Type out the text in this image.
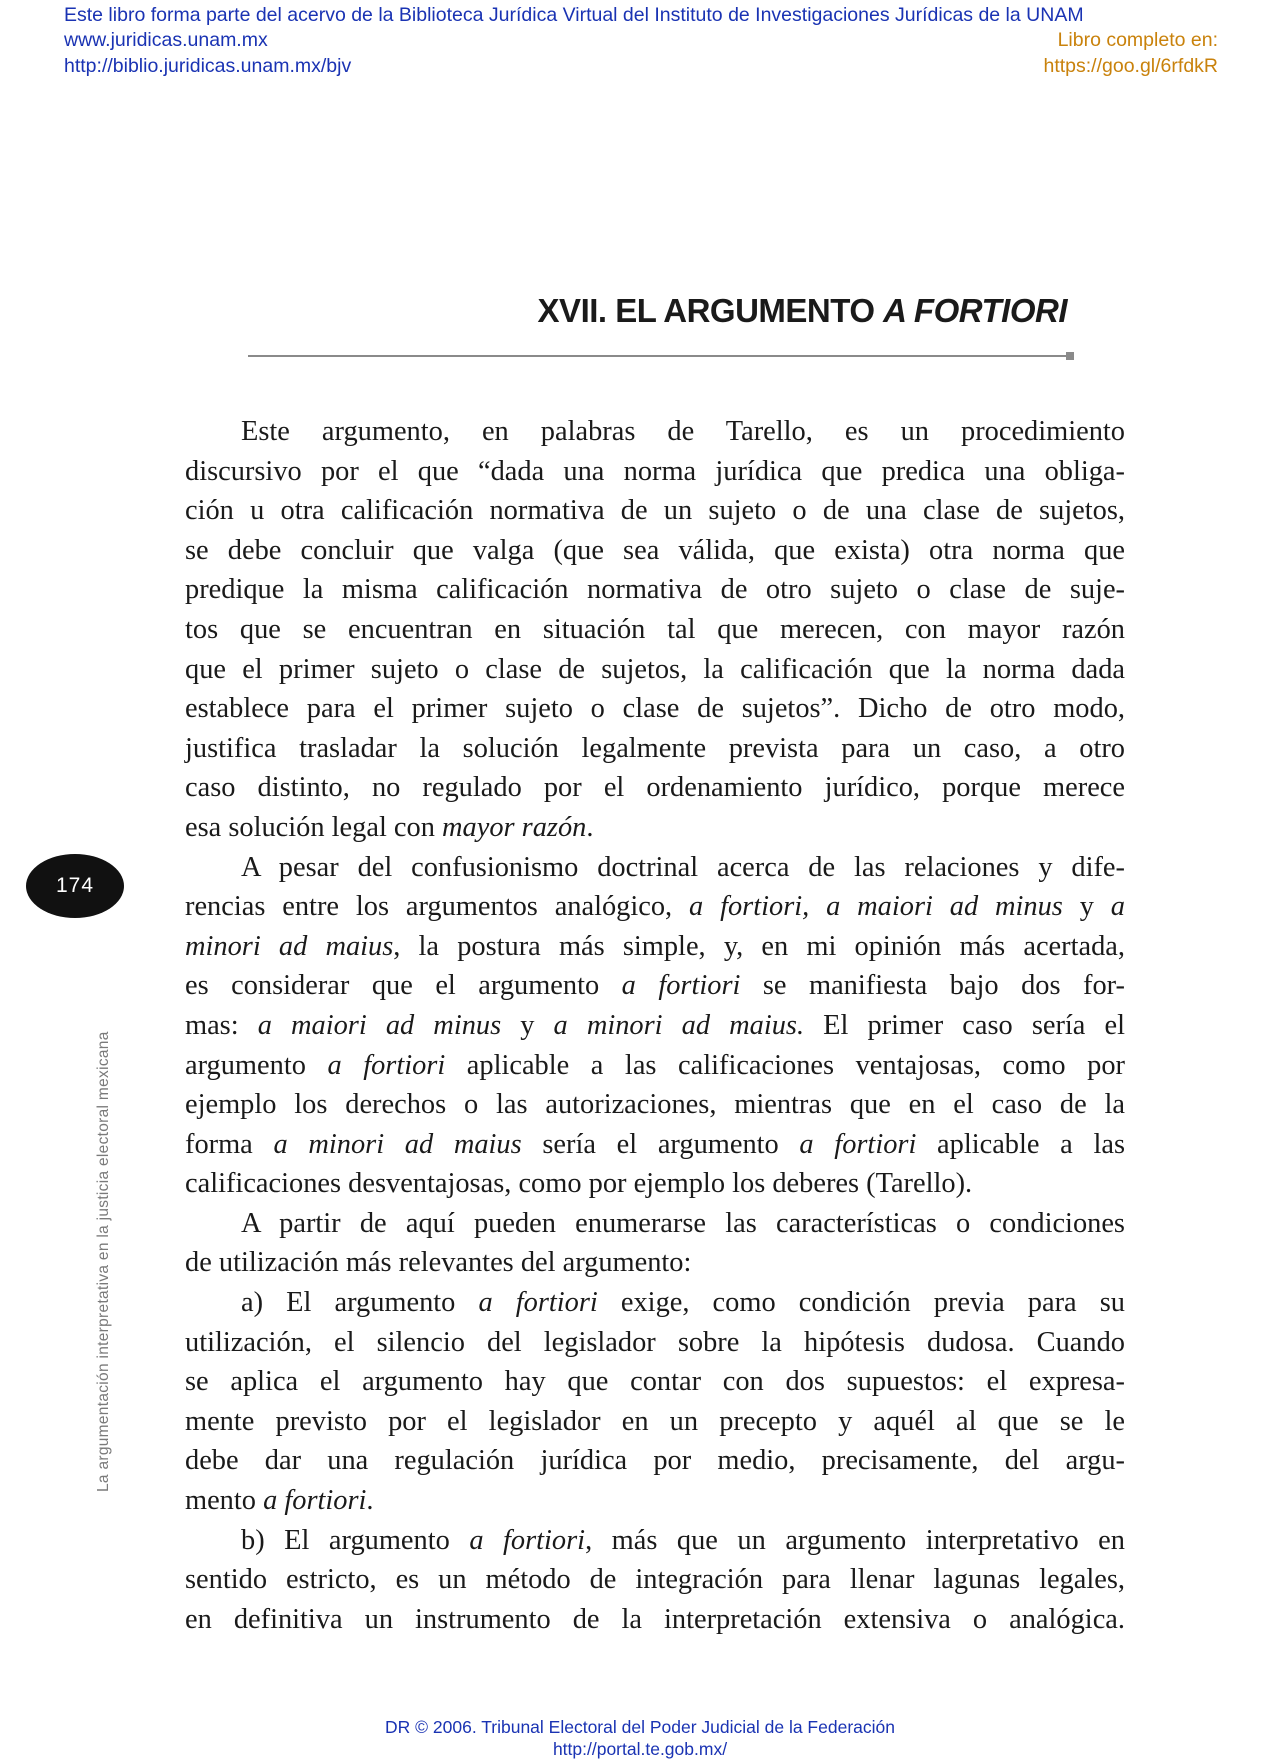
Este libro forma parte del acervo de la Biblioteca Jurídica Virtual del Instituto de Investigaciones Jurídicas de la UNAM
www.juridicas.unam.mx
http://biblio.juridicas.unam.mx/bjv
Libro completo en:
https://goo.gl/6rfdkR
XVII. EL ARGUMENTO A FORTIORI
Este argumento, en palabras de Tarello, es un procedimiento
discursivo por el que “dada una norma jurídica que predica una obliga-
ción u otra calificación normativa de un sujeto o de una clase de sujetos,
se debe concluir que valga (que sea válida, que exista) otra norma que
predique la misma calificación normativa de otro sujeto o clase de suje-
tos que se encuentran en situación tal que merecen, con mayor razón
que el primer sujeto o clase de sujetos, la calificación que la norma dada
establece para el primer sujeto o clase de sujetos”. Dicho de otro modo,
justifica trasladar la solución legalmente prevista para un caso, a otro
caso distinto, no regulado por el ordenamiento jurídico, porque merece
esa solución legal con mayor razón.
A pesar del confusionismo doctrinal acerca de las relaciones y dife-
rencias entre los argumentos analógico, a fortiori, a maiori ad minus y a
minori ad maius, la postura más simple, y, en mi opinión más acertada,
es considerar que el argumento a fortiori se manifiesta bajo dos for-
mas: a maiori ad minus y a minori ad maius. El primer caso sería el
argumento a fortiori aplicable a las calificaciones ventajosas, como por
ejemplo los derechos o las autorizaciones, mientras que en el caso de la
forma a minori ad maius sería el argumento a fortiori aplicable a las
calificaciones desventajosas, como por ejemplo los deberes (Tarello).
A partir de aquí pueden enumerarse las características o condiciones
de utilización más relevantes del argumento:
a) El argumento a fortiori exige, como condición previa para su
utilización, el silencio del legislador sobre la hipótesis dudosa. Cuando
se aplica el argumento hay que contar con dos supuestos: el expresa-
mente previsto por el legislador en un precepto y aquél al que se le
debe dar una regulación jurídica por medio, precisamente, del argu-
mento a fortiori.
b) El argumento a fortiori, más que un argumento interpretativo en
sentido estricto, es un método de integración para llenar lagunas legales,
en definitiva un instrumento de la interpretación extensiva o analógica.
174
La argumentación interpretativa en la justicia electoral mexicana
DR © 2006. Tribunal Electoral del Poder Judicial de la Federación
http://portal.te.gob.mx/
